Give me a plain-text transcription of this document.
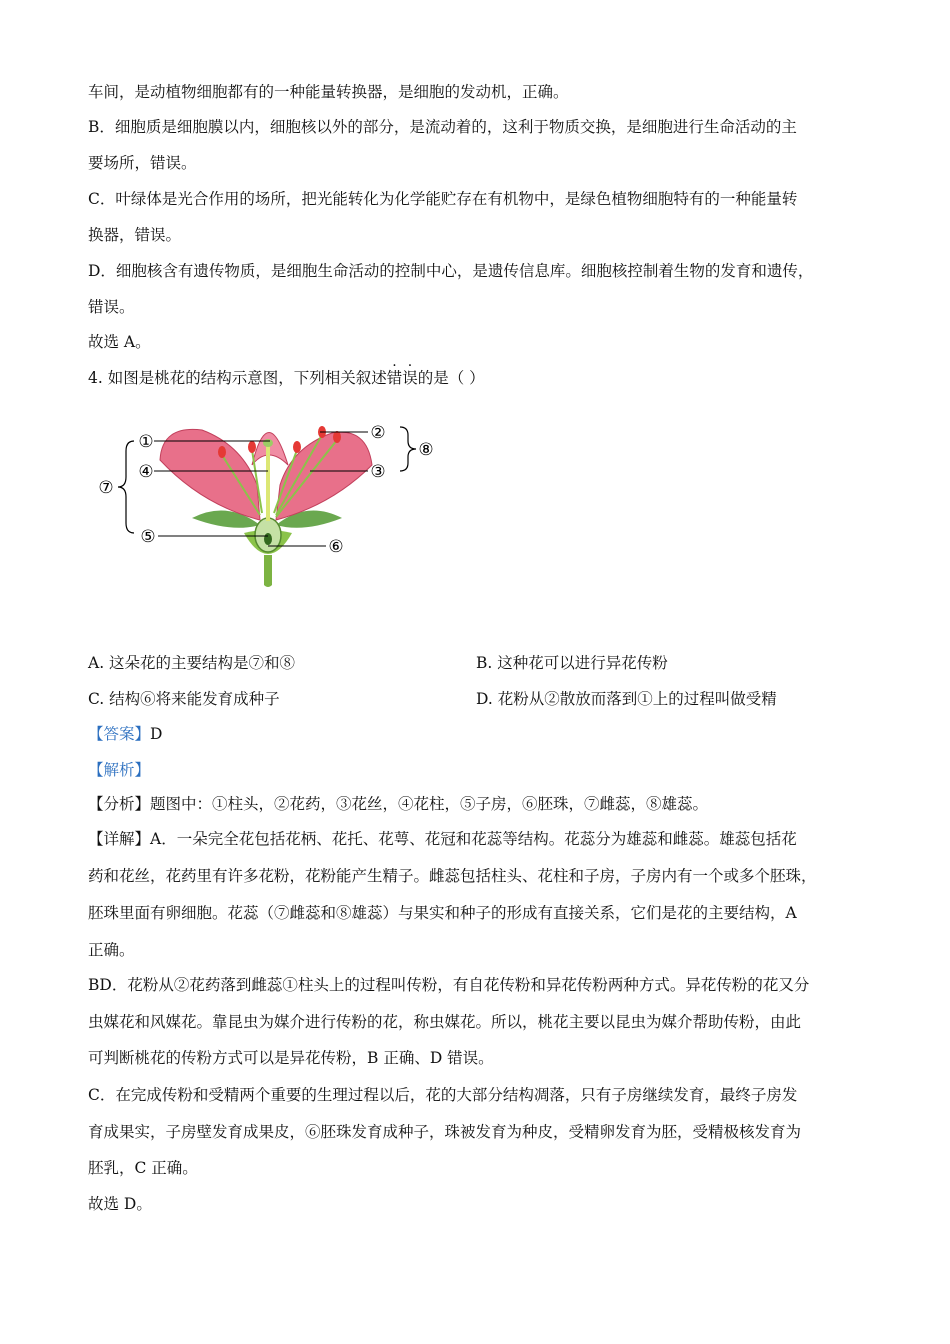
车间，是动植物细胞都有的一种能量转换器，是细胞的发动机，正确。
B．细胞质是细胞膜以内，细胞核以外的部分，是流动着的，这利于物质交换，是细胞进行生命活动的主
要场所，错误。
C．叶绿体是光合作用的场所，把光能转化为化学能贮存在有机物中，是绿色植物细胞特有的一种能量转
换器，错误。
D．细胞核含有遗传物质，是细胞生命活动的控制中心，是遗传信息库。细胞核控制着生物的发育和遗传，
错误。
故选 A。
4. 如图是桃花的结构示意图，下列相关叙述错误的是（ ）
①
④
②
③
⑤	⑥
⑦
⑧
A. 这朵花的主要结构是⑦和⑧	B. 这种花可以进行异花传粉
C. 结构⑥将来能发育成种子	D. 花粉从②散放而落到①上的过程叫做受精
【答案】D
【解析】
【分析】题图中：①柱头，②花药，③花丝，④花柱，⑤子房，⑥胚珠，⑦雌蕊，⑧雄蕊。
【详解】A．一朵完全花包括花柄、花托、花萼、花冠和花蕊等结构。花蕊分为雄蕊和雌蕊。雄蕊包括花
药和花丝，花药里有许多花粉，花粉能产生精子。雌蕊包括柱头、花柱和子房，子房内有一个或多个胚珠，
胚珠里面有卵细胞。花蕊（⑦雌蕊和⑧雄蕊）与果实和种子的形成有直接关系，它们是花的主要结构，A
正确。
BD．花粉从②花药落到雌蕊①柱头上的过程叫传粉，有自花传粉和异花传粉两种方式。异花传粉的花又分
虫媒花和风媒花。靠昆虫为媒介进行传粉的花，称虫媒花。所以，桃花主要以昆虫为媒介帮助传粉，由此
可判断桃花的传粉方式可以是异花传粉，B 正确、D 错误。
C．在完成传粉和受精两个重要的生理过程以后，花的大部分结构凋落，只有子房继续发育，最终子房发
育成果实，子房壁发育成果皮，⑥胚珠发育成种子，珠被发育为种皮，受精卵发育为胚，受精极核发育为
胚乳，C 正确。
故选 D。
